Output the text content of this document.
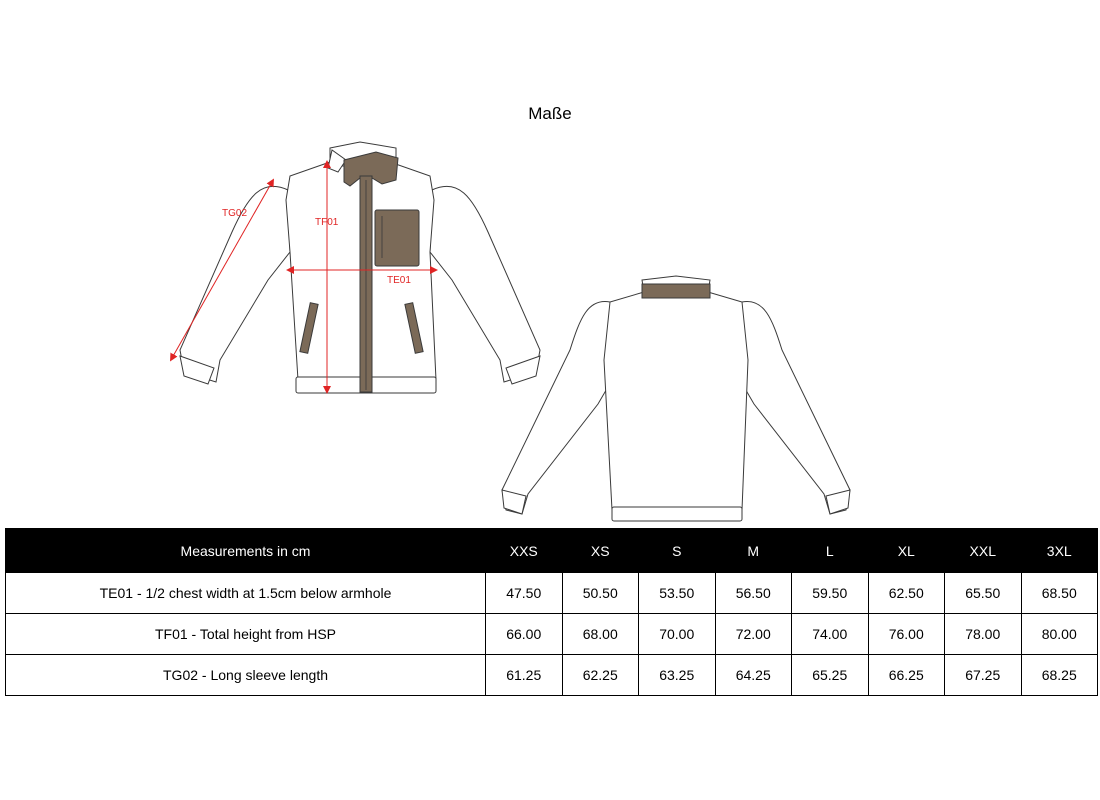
Maße
TG02
TF01
TE01
Measurements in cm	XXS	XS	S	M	L	XL	XXL	3XL
TE01 - 1/2 chest width at 1.5cm below armhole	47.50	50.50	53.50	56.50	59.50	62.50	65.50	68.50
TF01 - Total height from HSP	66.00	68.00	70.00	72.00	74.00	76.00	78.00	80.00
TG02 - Long sleeve length	61.25	62.25	63.25	64.25	65.25	66.25	67.25	68.25
